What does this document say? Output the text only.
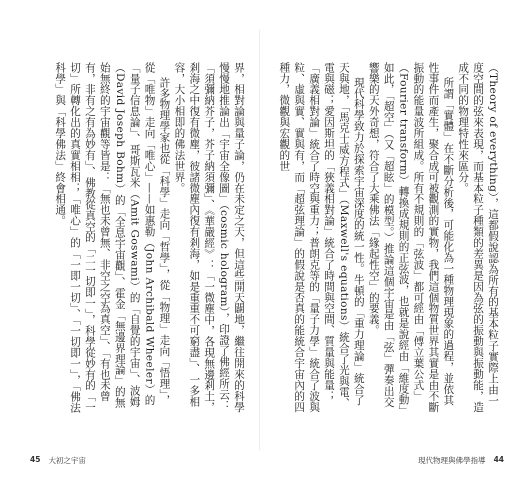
界，相對論與量子論，仍在未定之天，但這些開天闢地，繼往開來的科學慢慢地推論出「宇宙全像圖」（cosmic hologram），印證了佛經所云：「須彌納芥子，芥子納須彌」、《華嚴經》：「一微塵中，各現無邊剎土，剎海之中復有微塵，彼諸微塵內復有剎海，如是重重不可窮盡」、一多相容，大小相即的佛法世界。

許多物理學家也從「科學」走向「哲學」，從「物理」走向「悟理」，從「唯物」走向「唯心」——如惠勒（John Archibald Wheeler）的「量子信息論」、哥斯瓦米（Amit Goswami）的「自覺的宇宙」、波姆（David Joseph Bohm）的「全息宇宙觀」、霍金「無邊界理論」的無始無終的宇宙觀等皆是：「無也未曾無、非空之空為真空」、「有也未曾有，非有之有為妙有」、佛教從真空的「二一切即一」，科學從妙有的「一切」所轉化出的真實相相；「唯心」的「一即一切」、「一切即一」，「佛法科學」與「科學佛法」終會相通。

45 大初之宇宙

（Theory of everything），這都假說認為所有的基本粒子實際上由一度空間的弦來表現，而基本粒子種類的差異是因為弦的振動與振動能，造成不同的物理特性來區分。

所謂「實體」在不斷分析後，可能化為一種物理現象的過程，並依其性事件而產生，聚合成可被觀測的實物，我們這個物質世界其實是由不斷振動的能量波所組成。所有不規則的「弦波」都可經由「傅立葉公式」（Fourier transform）轉換成規則的正弦波，也就是說經由「維度動」如此，「超空」（又「超眩」的模型。）推論這個宇宙是由「弦」彈奏出交響樂的天外奇想，符合了大乘佛法「緣起性空」的要義。

現代科學致力於探索宇宙深度的統一性。牛頓的「重力理論」統合了天與地，「馬克士威方程式」（Maxwell's equations）統合了光與電、電與磁；愛因斯坦的「狹義相對論」統合了時間與空間、質量與能量；「廣義相對論」統合了時空與重力；普朗克等的「量子力學」統合了波與粒、虛與實、實與有，而「超弦理論」的假說是否真的能統合宇宙內的四種力，微觀與宏觀的世

現代物理與佛學指導 44
